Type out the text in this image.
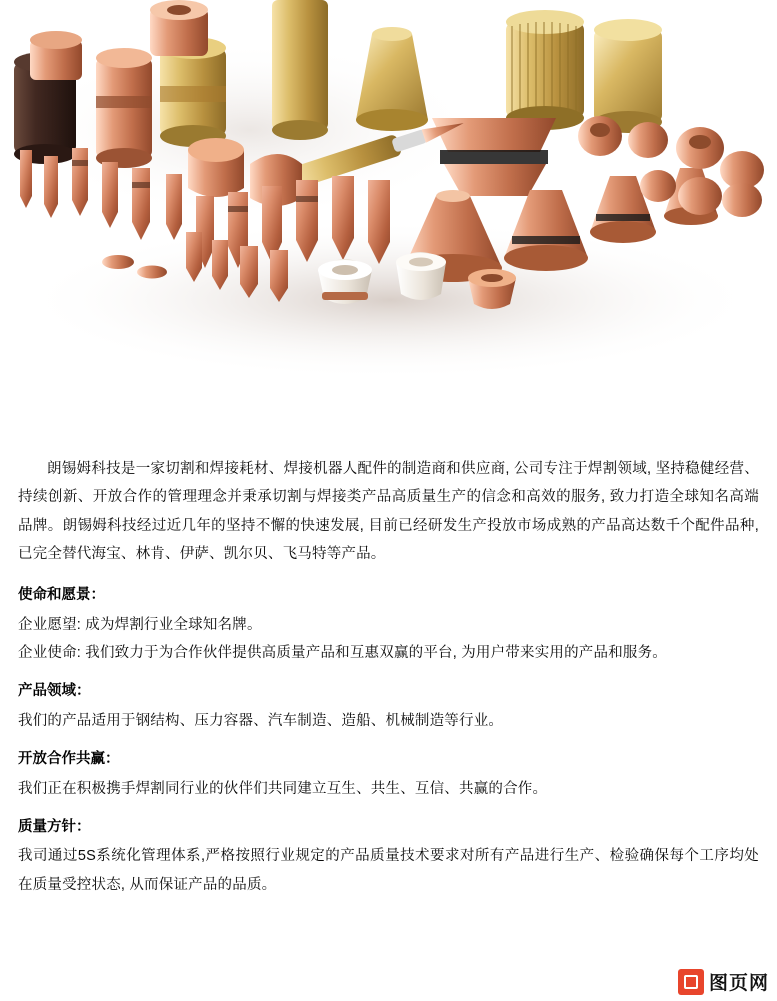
朗锡姆科技是一家切割和焊接耗材、焊接机器人配件的制造商和供应商, 公司专注于焊割领域, 坚持稳健经营、持续创新、开放合作的管理理念并秉承切割与焊接类产品高质量生产的信念和高效的服务, 致力打造全球知名高端品牌。朗锡姆科技经过近几年的坚持不懈的快速发展, 目前已经研发生产投放市场成熟的产品高达数千个配件品种, 已完全替代海宝、林肯、伊萨、凯尔贝、飞马特等产品。

使命和愿景：

企业愿望: 成为焊割行业全球知名牌。

企业使命: 我们致力于为合作伙伴提供高质量产品和互惠双赢的平台, 为用户带来实用的产品和服务。

产品领域：

我们的产品适用于钢结构、压力容器、汽车制造、造船、机械制造等行业。

开放合作共赢：

我们正在积极携手焊割同行业的伙伴们共同建立互生、共生、互信、共赢的合作。

质量方针：

我司通过5S系统化管理体系,严格按照行业规定的产品质量技术要求对所有产品进行生产、检验确保每个工序均处在质量受控状态, 从而保证产品的品质。

图页网
